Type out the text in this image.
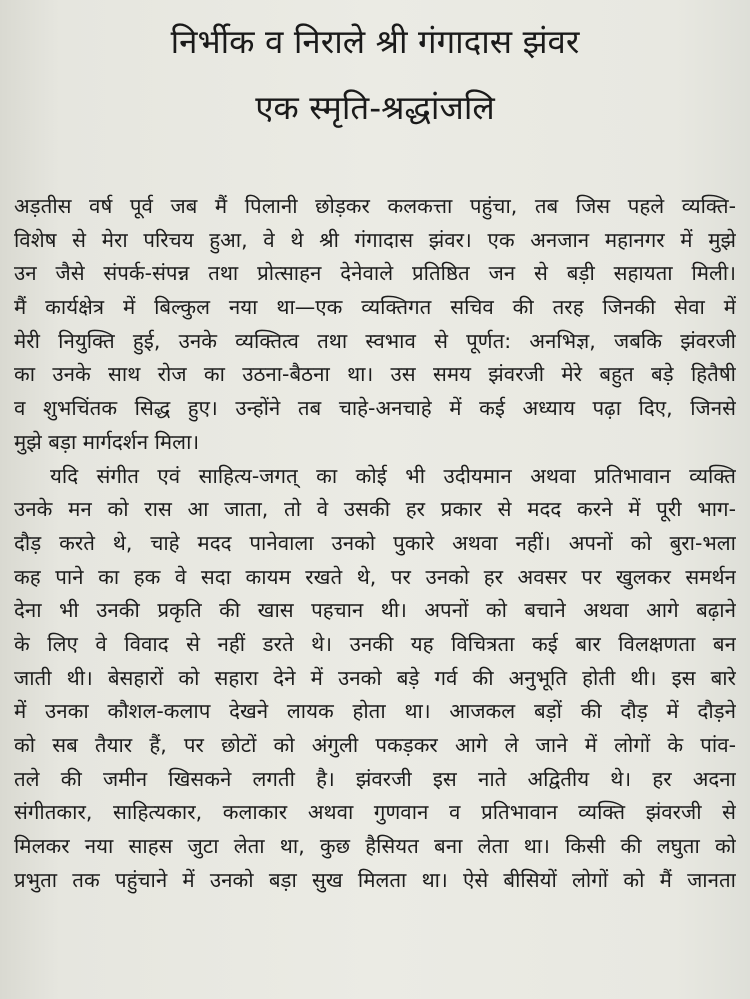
निर्भीक व निराले श्री गंगादास झंवर
एक स्मृति-श्रद्धांजलि
अड़तीस वर्ष पूर्व जब मैं पिलानी छोड़कर कलकत्ता पहुंचा, तब जिस पहले व्यक्ति-
विशेष से मेरा परिचय हुआ, वे थे श्री गंगादास झंवर। एक अनजान महानगर में मुझे
उन जैसे संपर्क-संपन्न तथा प्रोत्साहन देनेवाले प्रतिष्ठित जन से बड़ी सहायता मिली।
मैं कार्यक्षेत्र में बिल्कुल नया था—एक व्यक्तिगत सचिव की तरह जिनकी सेवा में
मेरी नियुक्ति हुई, उनके व्यक्तित्व तथा स्वभाव से पूर्णत: अनभिज्ञ, जबकि झंवरजी
का उनके साथ रोज का उठना-बैठना था। उस समय झंवरजी मेरे बहुत बड़े हितैषी
व शुभचिंतक सिद्ध हुए। उन्होंने तब चाहे-अनचाहे में कई अध्याय पढ़ा दिए, जिनसे
मुझे बड़ा मार्गदर्शन मिला।
यदि संगीत एवं साहित्य-जगत् का कोई भी उदीयमान अथवा प्रतिभावान व्यक्ति
उनके मन को रास आ जाता, तो वे उसकी हर प्रकार से मदद करने में पूरी भाग-
दौड़ करते थे, चाहे मदद पानेवाला उनको पुकारे अथवा नहीं। अपनों को बुरा-भला
कह पाने का हक वे सदा कायम रखते थे, पर उनको हर अवसर पर खुलकर समर्थन
देना भी उनकी प्रकृति की खास पहचान थी। अपनों को बचाने अथवा आगे बढ़ाने
के लिए वे विवाद से नहीं डरते थे। उनकी यह विचित्रता कई बार विलक्षणता बन
जाती थी। बेसहारों को सहारा देने में उनको बड़े गर्व की अनुभूति होती थी। इस बारे
में उनका कौशल-कलाप देखने लायक होता था। आजकल बड़ों की दौड़ में दौड़ने
को सब तैयार हैं, पर छोटों को अंगुली पकड़कर आगे ले जाने में लोगों के पांव-
तले की जमीन खिसकने लगती है। झंवरजी इस नाते अद्वितीय थे। हर अदना
संगीतकार, साहित्यकार, कलाकार अथवा गुणवान व प्रतिभावान व्यक्ति झंवरजी से
मिलकर नया साहस जुटा लेता था, कुछ हैसियत बना लेता था। किसी की लघुता को
प्रभुता तक पहुंचाने में उनको बड़ा सुख मिलता था। ऐसे बीसियों लोगों को मैं जानता
